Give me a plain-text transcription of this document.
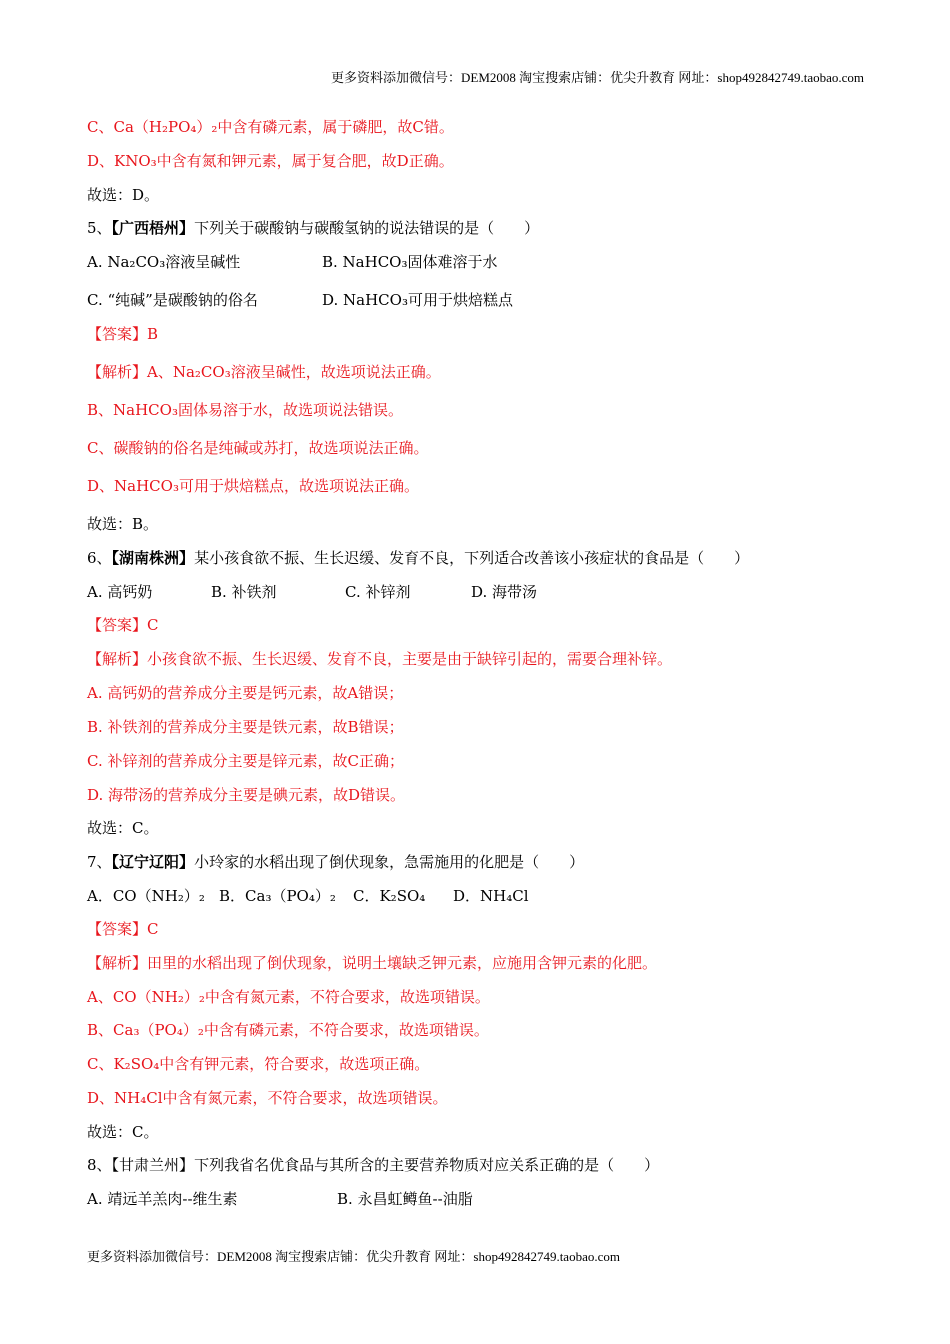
更多资料添加微信号：DEM2008 淘宝搜索店铺：优尖升教育 网址：shop492842749.taobao.com
C、Ca（H₂PO₄）₂中含有磷元素，属于磷肥，故C错。
D、KNO₃中含有氮和钾元素，属于复合肥，故D正确。
故选：D。
5、【广西梧州】下列关于碳酸钠与碳酸氢钠的说法错误的是（　　）
A. Na₂CO₃溶液呈碱性	B. NaHCO₃固体难溶于水
C. “纯碱”是碳酸钠的俗名	D. NaHCO₃可用于烘焙糕点
【答案】B
【解析】A、Na₂CO₃溶液呈碱性，故选项说法正确。
B、NaHCO₃固体易溶于水，故选项说法错误。
C、碳酸钠的俗名是纯碱或苏打，故选项说法正确。
D、NaHCO₃可用于烘焙糕点，故选项说法正确。
故选：B。
6、【湖南株洲】某小孩食欲不振、生长迟缓、发育不良，下列适合改善该小孩症状的食品是（　　）
A. 高钙奶	B. 补铁剂	C. 补锌剂	D. 海带汤
【答案】C
【解析】小孩食欲不振、生长迟缓、发育不良，主要是由于缺锌引起的，需要合理补锌。
A. 高钙奶的营养成分主要是钙元素，故A错误；
B. 补铁剂的营养成分主要是铁元素，故B错误；
C. 补锌剂的营养成分主要是锌元素，故C正确；
D. 海带汤的营养成分主要是碘元素，故D错误。
故选：C。
7、【辽宁辽阳】小玲家的水稻出现了倒伏现象，急需施用的化肥是（　　）
A．CO（NH₂）₂ B．Ca₃（PO₄）₂ C．K₂SO₄ D．NH₄Cl
【答案】C
【解析】田里的水稻出现了倒伏现象，说明土壤缺乏钾元素，应施用含钾元素的化肥。
A、CO（NH₂）₂中含有氮元素，不符合要求，故选项错误。
B、Ca₃（PO₄）₂中含有磷元素，不符合要求，故选项错误。
C、K₂SO₄中含有钾元素，符合要求，故选项正确。
D、NH₄Cl中含有氮元素，不符合要求，故选项错误。
故选：C。
8、【甘肃兰州】下列我省名优食品与其所含的主要营养物质对应关系正确的是（　　）
A. 靖远羊羔肉--维生素	B. 永昌虹鳟鱼--油脂
更多资料添加微信号：DEM2008 淘宝搜索店铺：优尖升教育 网址：shop492842749.taobao.com
